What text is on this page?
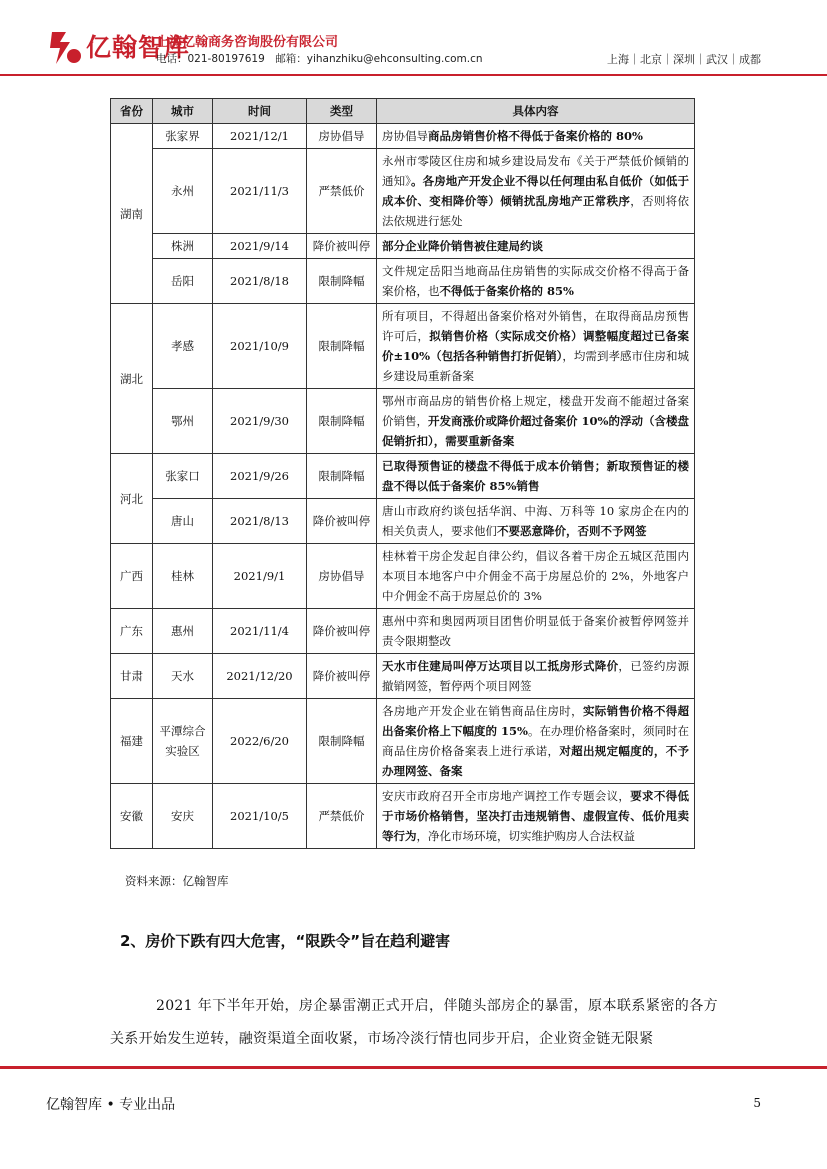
亿翰智库
上海亿翰商务咨询股份有限公司
电话：021-80197619　邮箱：yihanzhiku@ehconsulting.com.cn	上海｜北京｜深圳｜武汉｜成都
省份	城市	时间	类型	具体内容
湖南	张家界	2021/12/1	房协倡导	房协倡导商品房销售价格不得低于备案价格的 80%
	永州	2021/11/3	严禁低价	永州市零陵区住房和城乡建设局发布《关于严禁低价倾销的通知》。各房地产开发企业不得以任何理由私自低价（如低于成本价、变相降价等）倾销扰乱房地产正常秩序，否则将依法依规进行惩处
	株洲	2021/9/14	降价被叫停	部分企业降价销售被住建局约谈
	岳阳	2021/8/18	限制降幅	文件规定岳阳当地商品住房销售的实际成交价格不得高于备案价格，也不得低于备案价格的 85%
湖北	孝感	2021/10/9	限制降幅	所有项目，不得超出备案价格对外销售，在取得商品房预售许可后，拟销售价格（实际成交价格）调整幅度超过已备案价±10%（包括各种销售打折促销），均需到孝感市住房和城乡建设局重新备案
	鄂州	2021/9/30	限制降幅	鄂州市商品房的销售价格上规定，楼盘开发商不能超过备案价销售，开发商涨价或降价超过备案价 10%的浮动（含楼盘促销折扣），需要重新备案
河北	张家口	2021/9/26	限制降幅	已取得预售证的楼盘不得低于成本价销售；新取预售证的楼盘不得以低于备案价 85%销售
	唐山	2021/8/13	降价被叫停	唐山市政府约谈包括华润、中海、万科等 10 家房企在内的相关负责人，要求他们不要恶意降价，否则不予网签
广西	桂林	2021/9/1	房协倡导	桂林着干房企发起自律公约，倡议各着干房企五城区范围内本项目本地客户中介佣金不高于房屋总价的 2%，外地客户中介佣金不高于房屋总价的 3%
广东	惠州	2021/11/4	降价被叫停	惠州中弈和奥园两项目团售价明显低于备案价被暂停网签并责令限期整改
甘肃	天水	2021/12/20	降价被叫停	天水市住建局叫停万达项目以工抵房形式降价，已签约房源撤销网签，暂停两个项目网签
福建	平潭综合实验区	2022/6/20	限制降幅	各房地产开发企业在销售商品住房时，实际销售价格不得超出备案价格上下幅度的 15%。在办理价格备案时，须同时在商品住房价格备案表上进行承诺，对超出规定幅度的，不予办理网签、备案
安徽	安庆	2021/10/5	严禁低价	安庆市政府召开全市房地产调控工作专题会议，要求不得低于市场价格销售，坚决打击违规销售、虚假宣传、低价甩卖等行为，净化市场环境，切实维护购房人合法权益
资料来源：亿翰智库
2、房价下跌有四大危害，“限跌令”旨在趋利避害
2021 年下半年开始，房企暴雷潮正式开启，伴随头部房企的暴雷，原本联系紧密的各方关系开始发生逆转，融资渠道全面收紧，市场冷淡行情也同步开启，企业资金链无限紧
亿翰智库 • 专业出品	5
